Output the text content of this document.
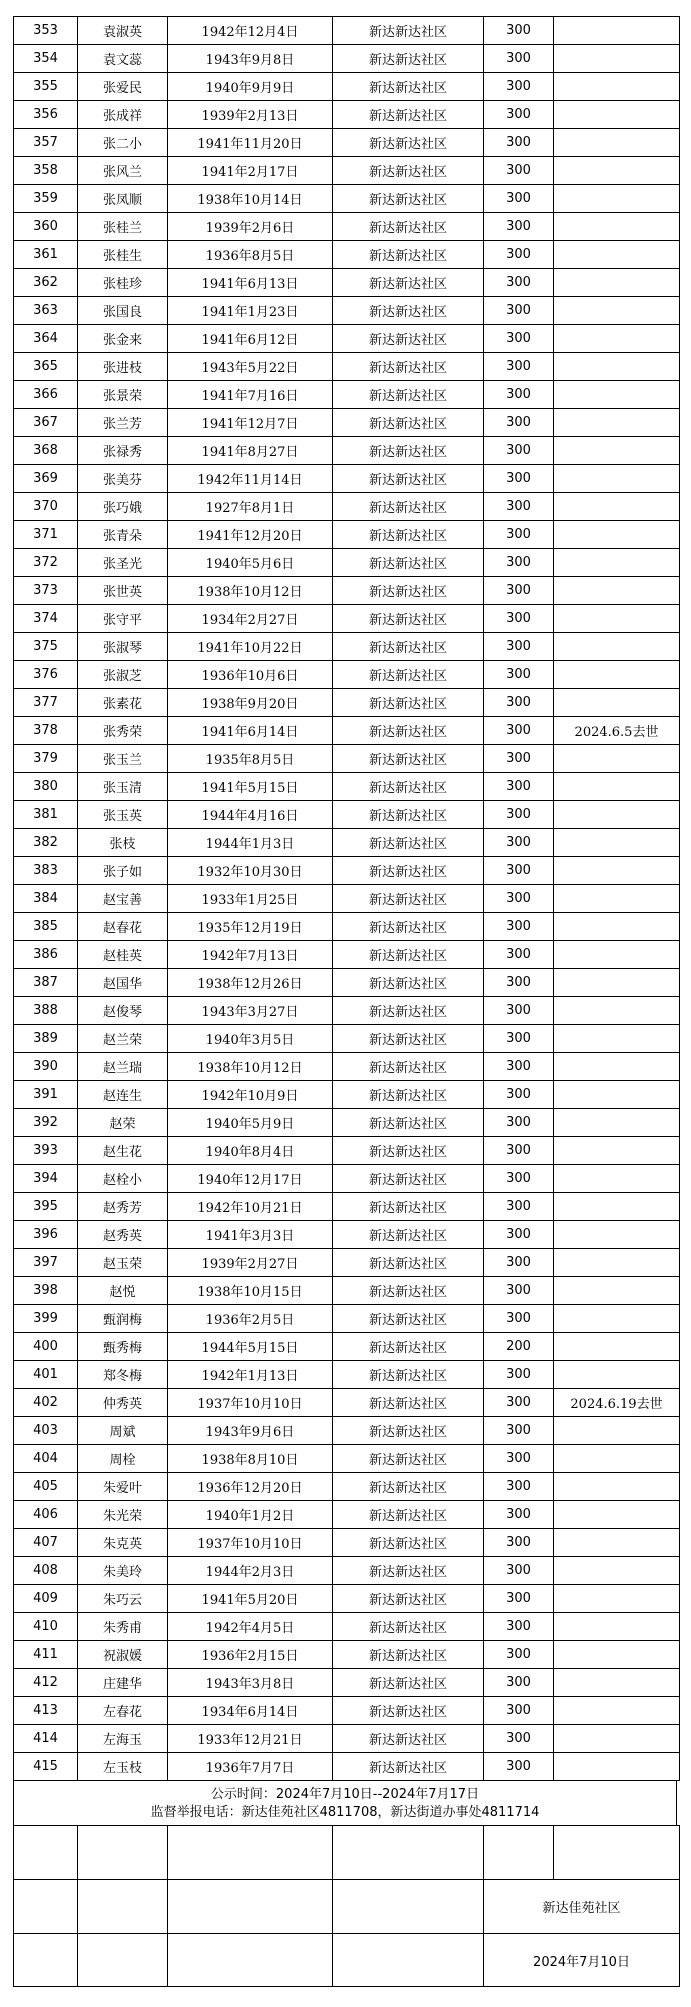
353	袁淑英	1942年12月4日	新达新达社区	300	
354	袁文蕊	1943年9月8日	新达新达社区	300	
355	张爱民	1940年9月9日	新达新达社区	300	
356	张成祥	1939年2月13日	新达新达社区	300	
357	张二小	1941年11月20日	新达新达社区	300	
358	张风兰	1941年2月17日	新达新达社区	300	
359	张凤顺	1938年10月14日	新达新达社区	300	
360	张桂兰	1939年2月6日	新达新达社区	300	
361	张桂生	1936年8月5日	新达新达社区	300	
362	张桂珍	1941年6月13日	新达新达社区	300	
363	张国良	1941年1月23日	新达新达社区	300	
364	张金来	1941年6月12日	新达新达社区	300	
365	张进枝	1943年5月22日	新达新达社区	300	
366	张景荣	1941年7月16日	新达新达社区	300	
367	张兰芳	1941年12月7日	新达新达社区	300	
368	张禄秀	1941年8月27日	新达新达社区	300	
369	张美芬	1942年11月14日	新达新达社区	300	
370	张巧娥	1927年8月1日	新达新达社区	300	
371	张青朵	1941年12月20日	新达新达社区	300	
372	张圣光	1940年5月6日	新达新达社区	300	
373	张世英	1938年10月12日	新达新达社区	300	
374	张守平	1934年2月27日	新达新达社区	300	
375	张淑琴	1941年10月22日	新达新达社区	300	
376	张淑芝	1936年10月6日	新达新达社区	300	
377	张素花	1938年9月20日	新达新达社区	300	
378	张秀荣	1941年6月14日	新达新达社区	300	2024.6.5去世
379	张玉兰	1935年8月5日	新达新达社区	300	
380	张玉清	1941年5月15日	新达新达社区	300	
381	张玉英	1944年4月16日	新达新达社区	300	
382	张枝	1944年1月3日	新达新达社区	300	
383	张子如	1932年10月30日	新达新达社区	300	
384	赵宝善	1933年1月25日	新达新达社区	300	
385	赵春花	1935年12月19日	新达新达社区	300	
386	赵桂英	1942年7月13日	新达新达社区	300	
387	赵国华	1938年12月26日	新达新达社区	300	
388	赵俊琴	1943年3月27日	新达新达社区	300	
389	赵兰荣	1940年3月5日	新达新达社区	300	
390	赵兰瑞	1938年10月12日	新达新达社区	300	
391	赵连生	1942年10月9日	新达新达社区	300	
392	赵荣	1940年5月9日	新达新达社区	300	
393	赵生花	1940年8月4日	新达新达社区	300	
394	赵栓小	1940年12月17日	新达新达社区	300	
395	赵秀芳	1942年10月21日	新达新达社区	300	
396	赵秀英	1941年3月3日	新达新达社区	300	
397	赵玉荣	1939年2月27日	新达新达社区	300	
398	赵悦	1938年10月15日	新达新达社区	300	
399	甄润梅	1936年2月5日	新达新达社区	300	
400	甄秀梅	1944年5月15日	新达新达社区	200	
401	郑冬梅	1942年1月13日	新达新达社区	300	
402	仲秀英	1937年10月10日	新达新达社区	300	2024.6.19去世
403	周斌	1943年9月6日	新达新达社区	300	
404	周栓	1938年8月10日	新达新达社区	300	
405	朱爱叶	1936年12月20日	新达新达社区	300	
406	朱光荣	1940年1月2日	新达新达社区	300	
407	朱克英	1937年10月10日	新达新达社区	300	
408	朱美玲	1944年2月3日	新达新达社区	300	
409	朱巧云	1941年5月20日	新达新达社区	300	
410	朱秀甫	1942年4月5日	新达新达社区	300	
411	祝淑媛	1936年2月15日	新达新达社区	300	
412	庄建华	1943年3月8日	新达新达社区	300	
413	左春花	1934年6月14日	新达新达社区	300	
414	左海玉	1933年12月21日	新达新达社区	300	
415	左玉枝	1936年7月7日	新达新达社区	300	
公示时间：2024年7月10日--2024年7月17日
监督举报电话：新达佳苑社区4811708，新达街道办事处4811714

				新达佳苑社区	
				2024年7月10日	
